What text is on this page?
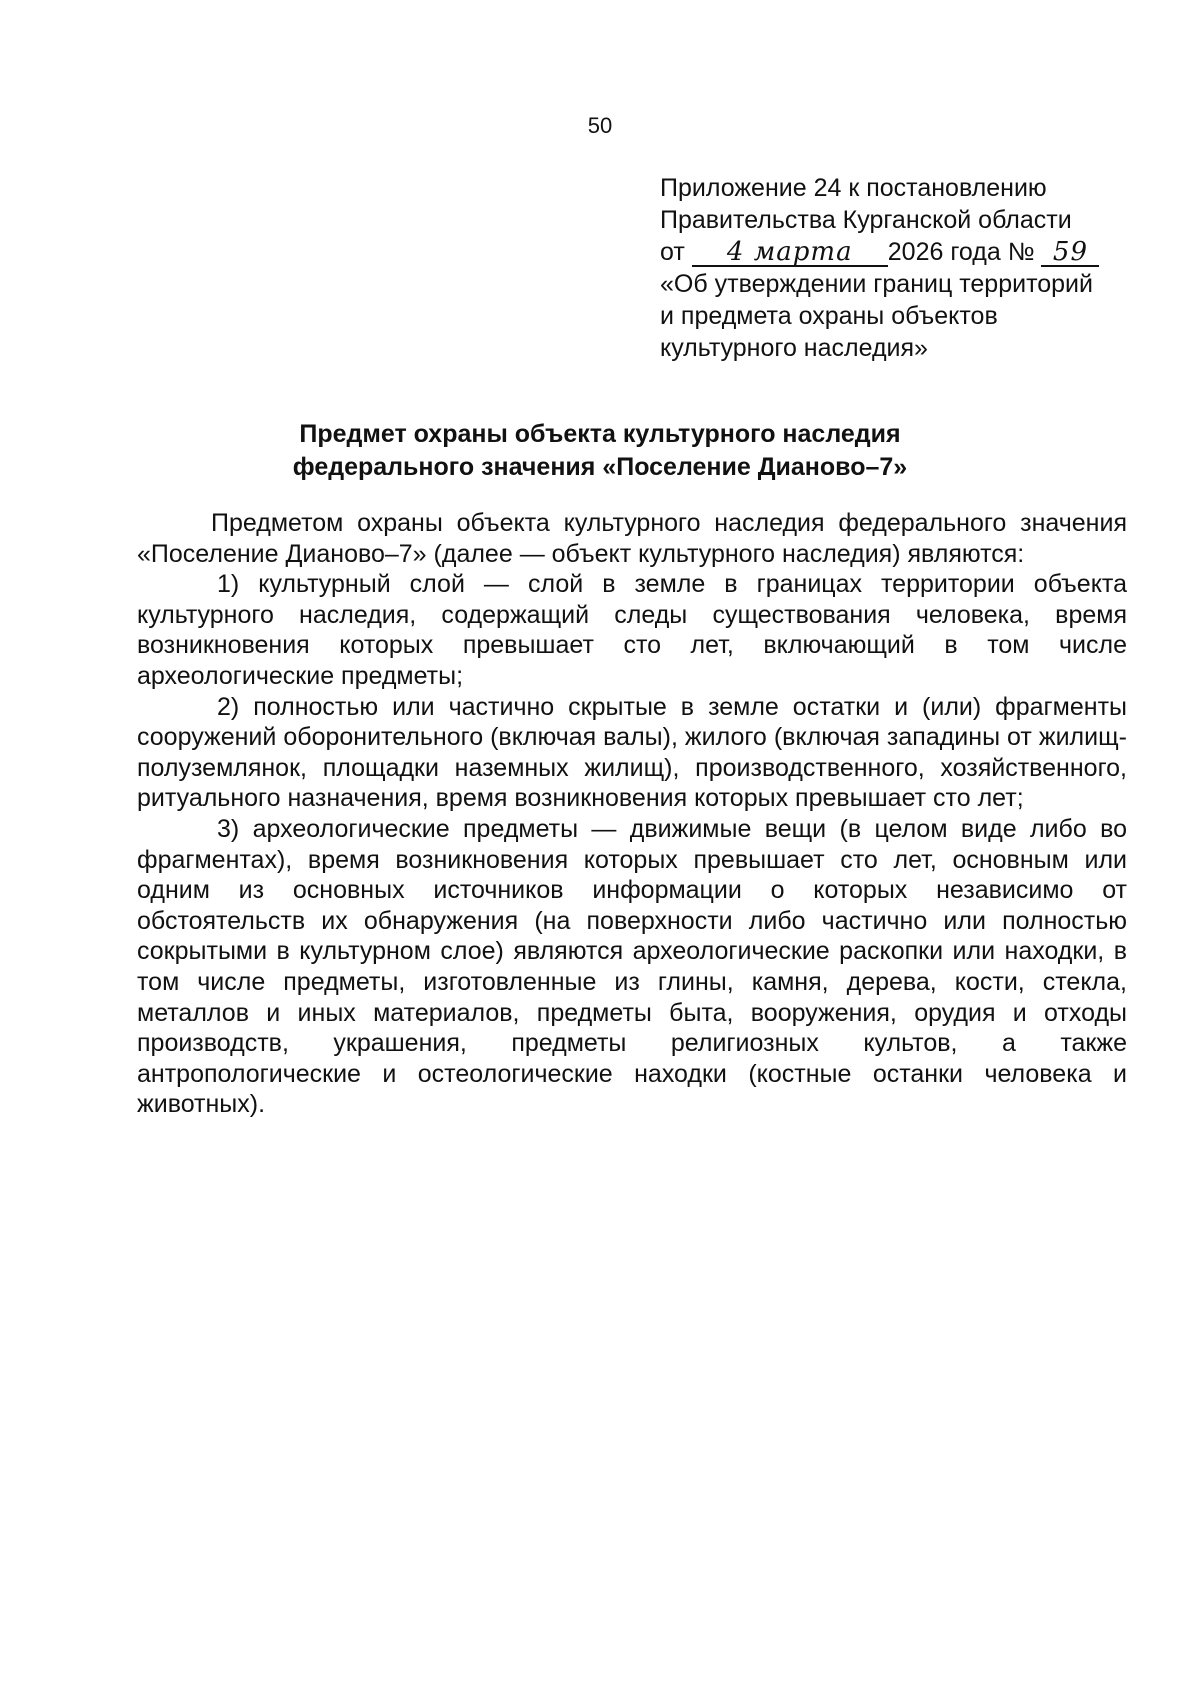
50
Приложение 24 к постановлению
Правительства Курганской области
от 4 марта 2026 года № 59
«Об утверждении границ территорий
и предмета охраны объектов
культурного наследия»
Предмет охраны объекта культурного наследия
федерального значения «Поселение Дианово–7»

Предметом охраны объекта культурного наследия федерального значения «Поселение Дианово–7» (далее — объект культурного наследия) являются:

1) культурный слой — слой в земле в границах территории объекта культурного наследия, содержащий следы существования человека, время возникновения которых превышает сто лет, включающий в том числе археологические предметы;

2) полностью или частично скрытые в земле остатки и (или) фрагменты сооружений оборонительного (включая валы), жилого (включая западины от жилищ-полуземлянок, площадки наземных жилищ), производственного, хозяйственного, ритуального назначения, время возникновения которых превышает сто лет;

3) археологические предметы — движимые вещи (в целом виде либо во фрагментах), время возникновения которых превышает сто лет, основным или одним из основных источников информации о которых независимо от обстоятельств их обнаружения (на поверхности либо частично или полностью сокрытыми в культурном слое) являются археологические раскопки или находки, в том числе предметы, изготовленные из глины, камня, дерева, кости, стекла, металлов и иных материалов, предметы быта, вооружения, орудия и отходы производств, украшения, предметы религиозных культов, а также антропологические и остеологические находки (костные останки человека и животных).
